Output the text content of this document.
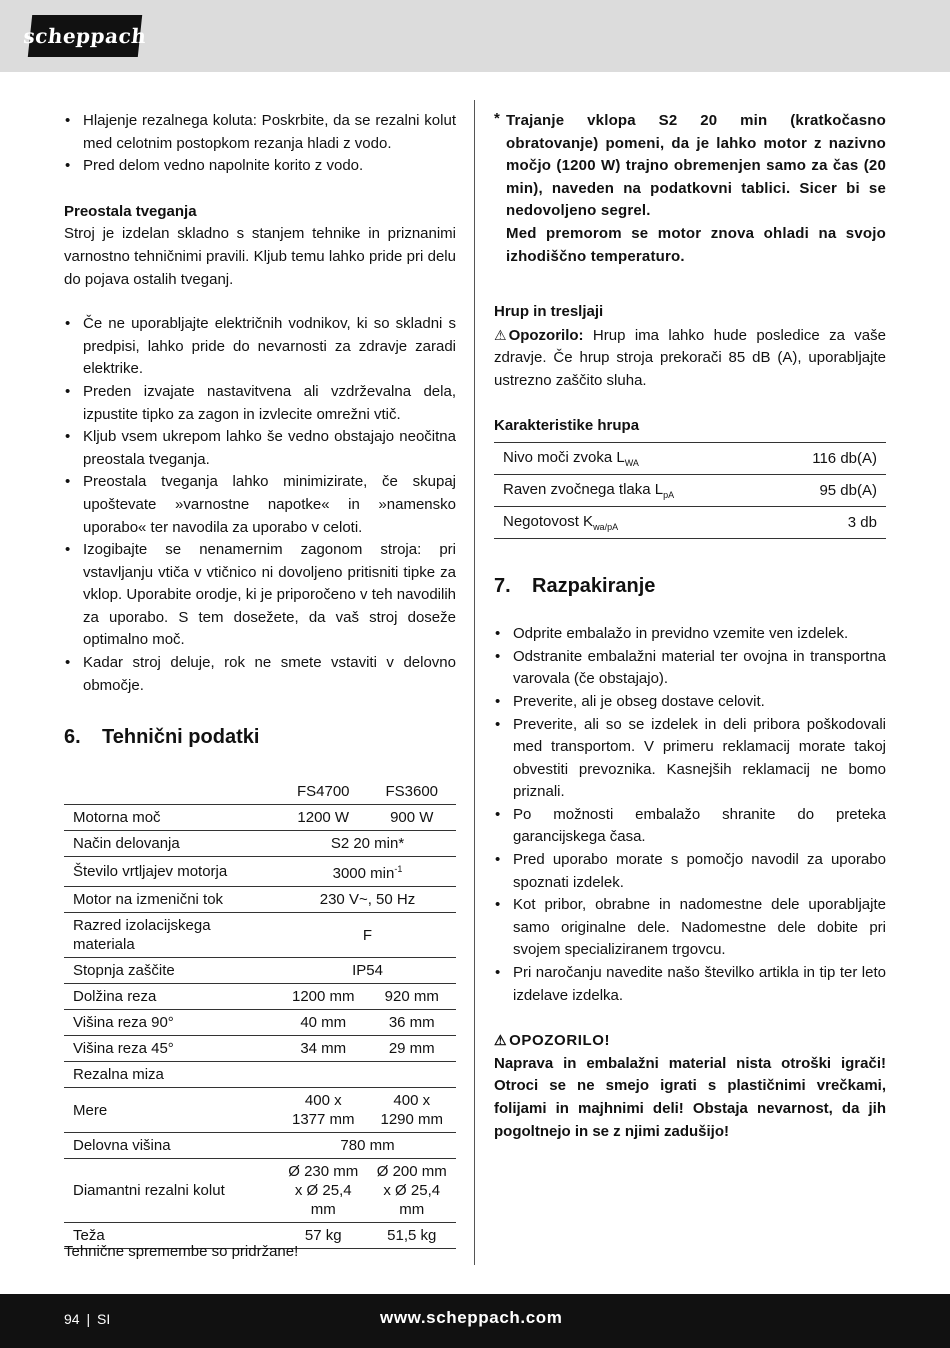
scheppach
• Hlajenje rezalnega koluta: Poskrbite, da se rezalni kolut med celotnim postopkom rezanja hladi z vodo.
• Pred delom vedno napolnite korito z vodo.

Preostala tveganja

Stroj je izdelan skladno s stanjem tehnike in priznanimi varnostno tehničnimi pravili. Kljub temu lahko pride pri delu do pojava ostalih tveganj.

• Če ne uporabljajte električnih vodnikov, ki so skladni s predpisi, lahko pride do nevarnosti za zdravje zaradi elektrike.
• Preden izvajate nastavitvena ali vzdrževalna dela, izpustite tipko za zagon in izvlecite omrežni vtič.
• Kljub vsem ukrepom lahko še vedno obstajajo neočitna preostala tveganja.
• Preostala tveganja lahko minimizirate, če skupaj upoštevate »varnostne napotke« in »namensko uporabo« ter navodila za uporabo v celoti.
• Izogibajte se nenamernim zagonom stroja: pri vstavljanju vtiča v vtičnico ni dovoljeno pritisniti tipke za vklop. Uporabite orodje, ki je priporočeno v teh navodilih za uporabo. S tem dosežete, da vaš stroj doseže optimalno moč.
• Kadar stroj deluje, rok ne smete vstaviti v delovno območje.
6.	Tehnični podatki
	FS4700	FS3600
Motorna moč	1200 W	900 W
Način delovanja	S2 20 min*	
Število vrtljajev motorja	3000 $\min^{-1}$
Motor na izmenični tok	230 V~, 50 Hz	
Razred izolacijskega materiala	F	
Stopnja zaščite	IP54	
Dolžina reza	1200 mm	920 mm
Višina reza 90°	40 mm	36 mm
Višina reza 45°	34 mm	29 mm
Rezalna miza		
Mere	400 x 1377 mm	400 x 1290 mm
Delovna višina	780 mm	
Diamantni rezalni kolut	Ø 230 mm x Ø 25,4 mm	Ø 200 mm x Ø 25,4 mm
Teža	57 kg	51,5 kg

Tehnične spremembe so pridržane!

* Trajanje vklopa S2 20 min (kratkočasno obratovanje) pomeni, da je lahko motor z nazivno močjo (1200 W) trajno obremenjen samo za čas (20 min), naveden na podatkovni tablici. Sicer bi se nedovoljeno segrel.

Med premorom se motor znova ohladi na svojo izhodiščno temperaturo.

Hrup in tresljaji

⚠ Opozorilo: Hrup ima lahko hude posledice za vaše zdravje. Če hrup stroja prekorači 85 dB (A), uporabljajte ustrezno zaščito sluha.

Karakteristike hrupa

Nivo moči zvoka $L_{WA}$	116 db(A)
Raven zvočnega tlaka $L_{pA}$	95 db(A)
Negotovost $K_{wa/pA}$	3 db
7.	Razpakiranje
• Odprite embalažo in previdno vzemite ven izdelek.
• Odstranite embalažni material ter ovojna in transportna varovala (če obstajajo).
• Preverite, ali je obseg dostave celovit.
• Preverite, ali so se izdelek in deli pribora poškodovali med transportom. V primeru reklamacij morate takoj obvestiti prevoznika. Kasnejših reklamacij ne bomo priznali.
• Po možnosti embalažo shranite do preteka garancijskega časa.
• Pred uporabo morate s pomočjo navodil za uporabo spoznati izdelek.
• Kot pribor, obrabne in nadomestne dele uporabljajte samo originalne dele. Nadomestne dele dobite pri svojem specializiranem trgovcu.
• Pri naročanju navedite našo številko artikla in tip ter leto izdelave izdelka.

⚠ OPOZORILO!

Naprava in embalažni material nista otroški igrači! Otroci se ne smejo igrati s plastičnimi vrečkami, folijami in majhnimi deli! Obstaja nevarnost, da jih pogoltnejo in se z njimi zadušijo!

94 | SI	www.scheppach.com
